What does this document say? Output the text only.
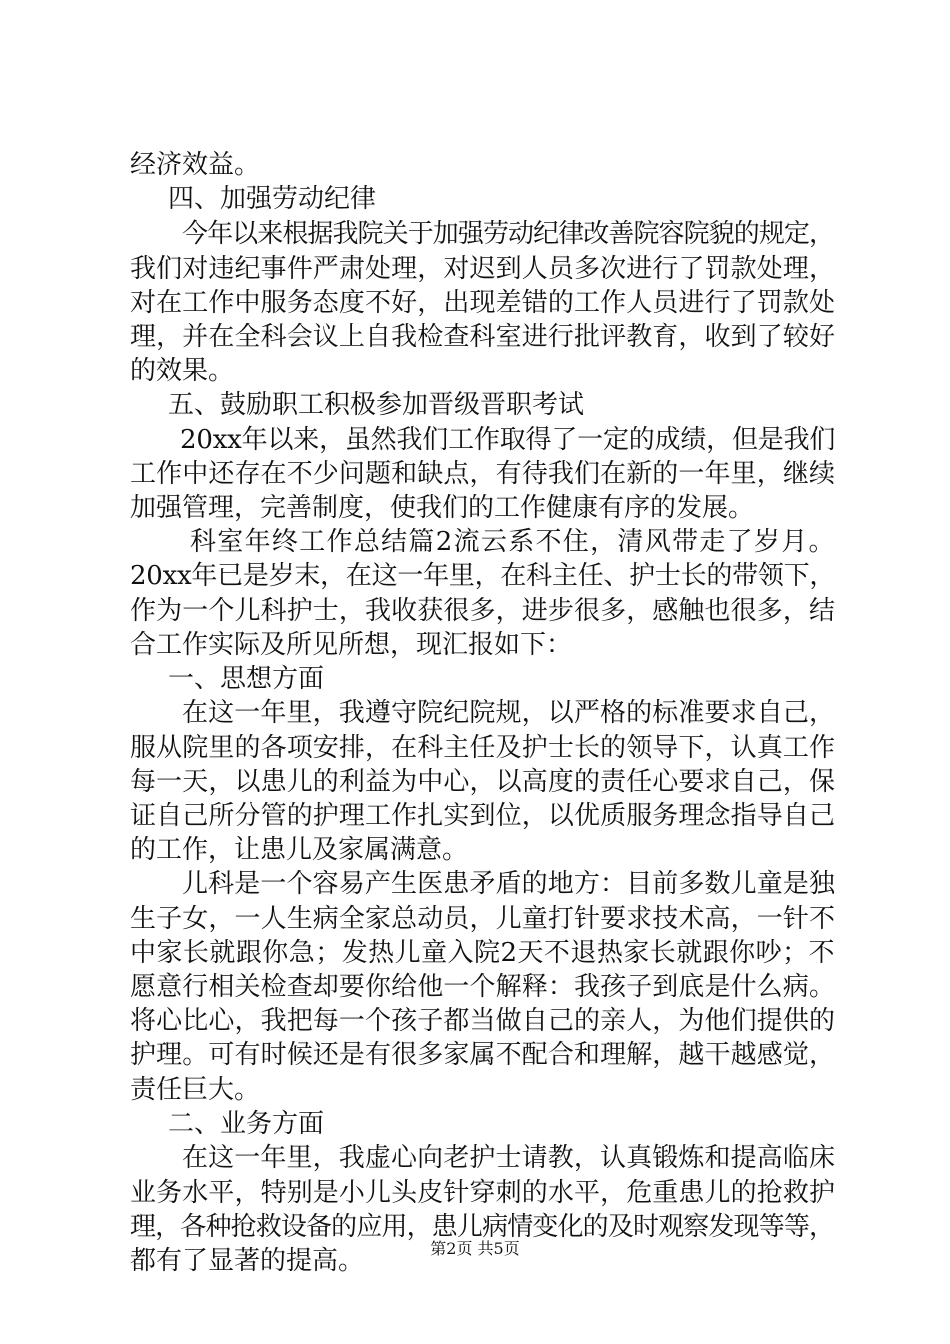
经济效益。
四、加强劳动纪律
今年以来根据我院关于加强劳动纪律改善院容院貌的规定，
我们对违纪事件严肃处理，对迟到人员多次进行了罚款处理，
对在工作中服务态度不好，出现差错的工作人员进行了罚款处
理，并在全科会议上自我检查科室进行批评教育，收到了较好
的效果。
五、鼓励职工积极参加晋级晋职考试
20xx年以来，虽然我们工作取得了一定的成绩，但是我们
工作中还存在不少问题和缺点，有待我们在新的一年里，继续
加强管理，完善制度，使我们的工作健康有序的发展。
科室年终工作总结篇2流云系不住，清风带走了岁月。
20xx年已是岁末，在这一年里，在科主任、护士长的带领下，
作为一个儿科护士，我收获很多，进步很多，感触也很多，结
合工作实际及所见所想，现汇报如下：
一、思想方面
在这一年里，我遵守院纪院规，以严格的标准要求自己，
服从院里的各项安排，在科主任及护士长的领导下，认真工作
每一天，以患儿的利益为中心，以高度的责任心要求自己，保
证自己所分管的护理工作扎实到位，以优质服务理念指导自己
的工作，让患儿及家属满意。
儿科是一个容易产生医患矛盾的地方：目前多数儿童是独
生子女，一人生病全家总动员，儿童打针要求技术高，一针不
中家长就跟你急；发热儿童入院2天不退热家长就跟你吵；不
愿意行相关检查却要你给他一个解释：我孩子到底是什么病。
将心比心，我把每一个孩子都当做自己的亲人，为他们提供的
护理。可有时候还是有很多家属不配合和理解，越干越感觉，
责任巨大。
二、业务方面
在这一年里，我虚心向老护士请教，认真锻炼和提高临床
业务水平，特别是小儿头皮针穿刺的水平，危重患儿的抢救护
理，各种抢救设备的应用，患儿病情变化的及时观察发现等等，
都有了显著的提高。	第2页 共5页
